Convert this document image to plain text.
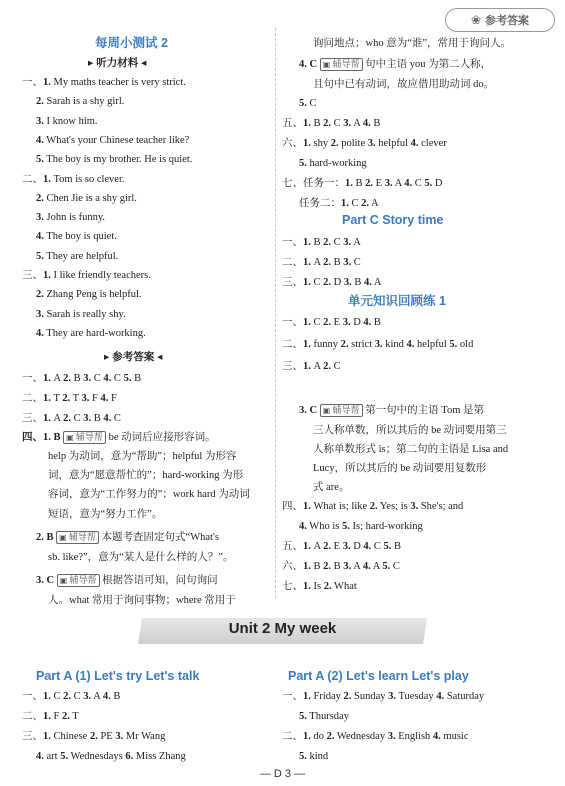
❀ 参考答案
每周小测试 2
▸ 听力材料 ◂
一、1. My maths teacher is very strict.
2. Sarah is a shy girl.
3. I know him.
4. What's your Chinese teacher like?
5. The boy is my brother. He is quiet.
二、1. Tom is so clever.
2. Chen Jie is a shy girl.
3. John is funny.
4. The boy is quiet.
5. They are helpful.
三、1. I like friendly teachers.
2. Zhang Peng is helpful.
3. Sarah is really shy.
4. They are hard-working.
▸ 参考答案 ◂
一、1. A 2. B 3. C 4. C 5. B
二、1. T 2. T 3. F 4. F
三、1. A 2. C 3. B 4. C
四、1. B ▣ 辅导帮 be 动词后应接形容词。
help 为动词，意为“帮助”；helpful 为形容
词，意为“愿意帮忙的”；hard-working 为形
容词，意为“工作努力的”；work hard 为动词
短语，意为“努力工作”。
2. B ▣ 辅导帮 本题考查固定句式“What's
sb. like?”，意为“某人是什么样的人？”。
3. C ▣ 辅导帮 根据答语可知，问句询问
人。what 常用于询问事物；where 常用于
询问地点；who 意为“谁”，常用于询问人。
4. C ▣ 辅导帮 句中主语 you 为第二人称，
且句中已有动词，故应借用助动词 do。
5. C
五、1. B 2. C 3. A 4. B
六、1. shy 2. polite 3. helpful 4. clever
5. hard-working
七、任务一：1. B 2. E 3. A 4. C 5. D
任务二：1. C 2. A
Part C Story time
一、1. B 2. C 3. A
二、1. A 2. B 3. C
三、1. C 2. D 3. B 4. A
单元知识回顾练 1
一、1. C 2. E 3. D 4. B
二、1. funny 2. strict 3. kind 4. helpful 5. old
三、1. A 2. C
3. C ▣ 辅导帮 第一句中的主语 Tom 是第
三人称单数，所以其后的 be 动词要用第三
人称单数形式 is；第二句的主语是 Lisa and
Lucy，所以其后的 be 动词要用复数形
式 are。
四、1. What is; like 2. Yes; is 3. She's; and
4. Who is 5. Is; hard-working
五、1. A 2. E 3. D 4. C 5. B
六、1. B 2. B 3. A 4. A 5. C
七、1. Is 2. What
Unit 2 My week
Part A (1) Let's try Let's talk
一、1. C 2. C 3. A 4. B
二、1. F 2. T
三、1. Chinese 2. PE 3. Mr Wang
4. art 5. Wednesdays 6. Miss Zhang
Part A (2) Let's learn Let's play
一、1. Friday 2. Sunday 3. Tuesday 4. Saturday
5. Thursday
二、1. do 2. Wednesday 3. English 4. music
5. kind
— D 3 —
